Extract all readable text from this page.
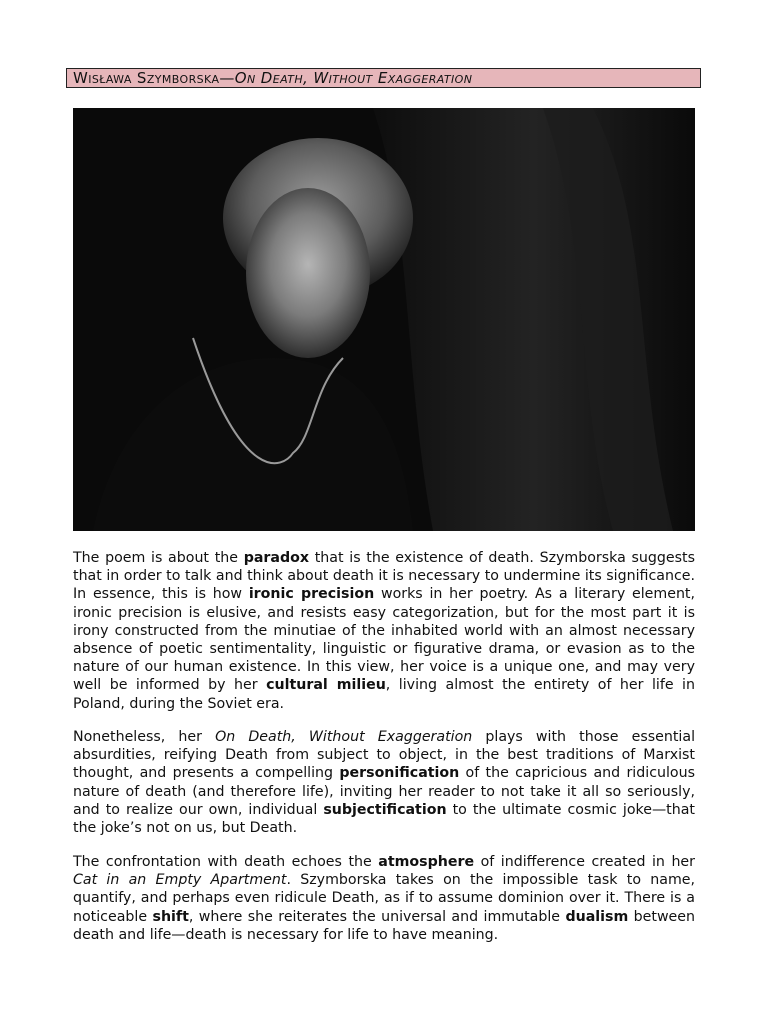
Wisława Szymborska—On Death, Without Exaggeration
The poem is about the paradox that is the existence of death. Szymborska suggests that in order to talk and think about death it is necessary to undermine its significance. In essence, this is how ironic precision works in her poetry. As a literary element, ironic precision is elusive, and resists easy categorization, but for the most part it is irony constructed from the minutiae of the inhabited world with an almost necessary absence of poetic sentimentality, linguistic or figurative drama, or evasion as to the nature of our human existence. In this view, her voice is a unique one, and may very well be informed by her cultural milieu, living almost the entirety of her life in Poland, during the Soviet era.
Nonetheless, her On Death, Without Exaggeration plays with those essential absurdities, reifying Death from subject to object, in the best traditions of Marxist thought, and presents a compelling personification of the capricious and ridiculous nature of death (and therefore life), inviting her reader to not take it all so seriously, and to realize our own, individual subjectification to the ultimate cosmic joke—that the joke’s not on us, but Death.
The confrontation with death echoes the atmosphere of indifference created in her Cat in an Empty Apartment. Szymborska takes on the impossible task to name, quantify, and perhaps even ridicule Death, as if to assume dominion over it. There is a noticeable shift, where she reiterates the universal and immutable dualism between death and life—death is necessary for life to have meaning.
